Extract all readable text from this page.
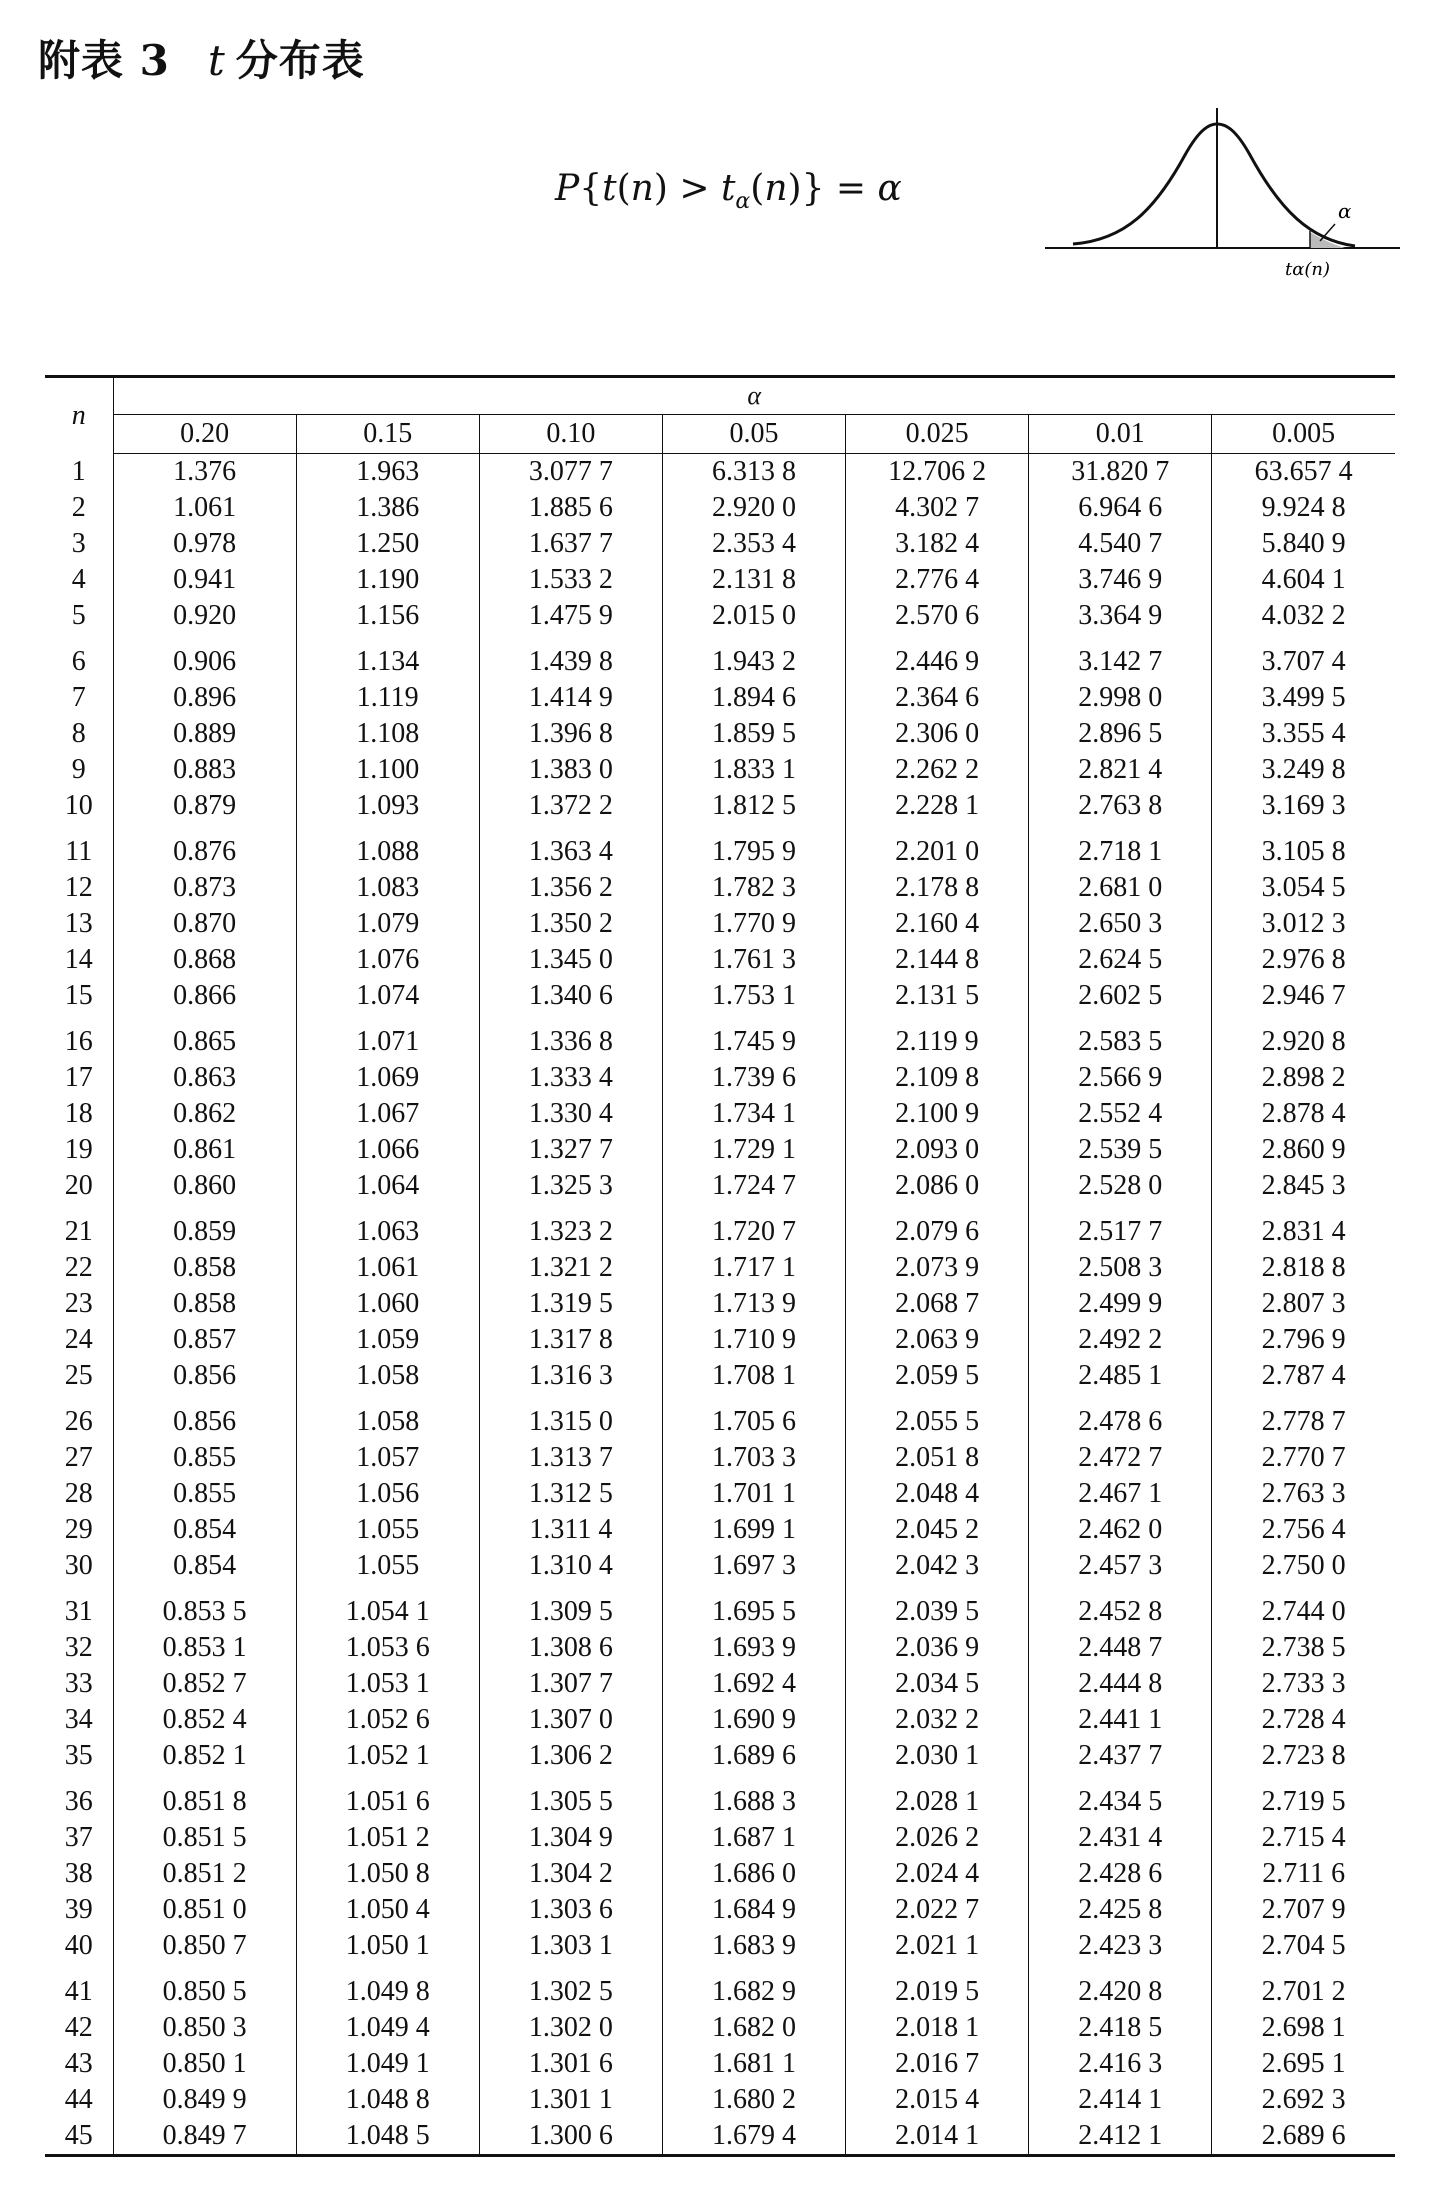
附表 3 t 分布表
$P\{t(n) > t_\alpha(n)\} = \alpha$
α
tα(n)
n	α						
	0.20	0.15	0.10	0.05	0.025	0.01	0.005
1	1.376	1.963	3.077 7	6.313 8	12.706 2	31.820 7	63.657 4
2	1.061	1.386	1.885 6	2.920 0	4.302 7	6.964 6	9.924 8
3	0.978	1.250	1.637 7	2.353 4	3.182 4	4.540 7	5.840 9
4	0.941	1.190	1.533 2	2.131 8	2.776 4	3.746 9	4.604 1
5	0.920	1.156	1.475 9	2.015 0	2.570 6	3.364 9	4.032 2
6	0.906	1.134	1.439 8	1.943 2	2.446 9	3.142 7	3.707 4
7	0.896	1.119	1.414 9	1.894 6	2.364 6	2.998 0	3.499 5
8	0.889	1.108	1.396 8	1.859 5	2.306 0	2.896 5	3.355 4
9	0.883	1.100	1.383 0	1.833 1	2.262 2	2.821 4	3.249 8
10	0.879	1.093	1.372 2	1.812 5	2.228 1	2.763 8	3.169 3
11	0.876	1.088	1.363 4	1.795 9	2.201 0	2.718 1	3.105 8
12	0.873	1.083	1.356 2	1.782 3	2.178 8	2.681 0	3.054 5
13	0.870	1.079	1.350 2	1.770 9	2.160 4	2.650 3	3.012 3
14	0.868	1.076	1.345 0	1.761 3	2.144 8	2.624 5	2.976 8
15	0.866	1.074	1.340 6	1.753 1	2.131 5	2.602 5	2.946 7
16	0.865	1.071	1.336 8	1.745 9	2.119 9	2.583 5	2.920 8
17	0.863	1.069	1.333 4	1.739 6	2.109 8	2.566 9	2.898 2
18	0.862	1.067	1.330 4	1.734 1	2.100 9	2.552 4	2.878 4
19	0.861	1.066	1.327 7	1.729 1	2.093 0	2.539 5	2.860 9
20	0.860	1.064	1.325 3	1.724 7	2.086 0	2.528 0	2.845 3
21	0.859	1.063	1.323 2	1.720 7	2.079 6	2.517 7	2.831 4
22	0.858	1.061	1.321 2	1.717 1	2.073 9	2.508 3	2.818 8
23	0.858	1.060	1.319 5	1.713 9	2.068 7	2.499 9	2.807 3
24	0.857	1.059	1.317 8	1.710 9	2.063 9	2.492 2	2.796 9
25	0.856	1.058	1.316 3	1.708 1	2.059 5	2.485 1	2.787 4
26	0.856	1.058	1.315 0	1.705 6	2.055 5	2.478 6	2.778 7
27	0.855	1.057	1.313 7	1.703 3	2.051 8	2.472 7	2.770 7
28	0.855	1.056	1.312 5	1.701 1	2.048 4	2.467 1	2.763 3
29	0.854	1.055	1.311 4	1.699 1	2.045 2	2.462 0	2.756 4
30	0.854	1.055	1.310 4	1.697 3	2.042 3	2.457 3	2.750 0
31	0.853 5	1.054 1	1.309 5	1.695 5	2.039 5	2.452 8	2.744 0
32	0.853 1	1.053 6	1.308 6	1.693 9	2.036 9	2.448 7	2.738 5
33	0.852 7	1.053 1	1.307 7	1.692 4	2.034 5	2.444 8	2.733 3
34	0.852 4	1.052 6	1.307 0	1.690 9	2.032 2	2.441 1	2.728 4
35	0.852 1	1.052 1	1.306 2	1.689 6	2.030 1	2.437 7	2.723 8
36	0.851 8	1.051 6	1.305 5	1.688 3	2.028 1	2.434 5	2.719 5
37	0.851 5	1.051 2	1.304 9	1.687 1	2.026 2	2.431 4	2.715 4
38	0.851 2	1.050 8	1.304 2	1.686 0	2.024 4	2.428 6	2.711 6
39	0.851 0	1.050 4	1.303 6	1.684 9	2.022 7	2.425 8	2.707 9
40	0.850 7	1.050 1	1.303 1	1.683 9	2.021 1	2.423 3	2.704 5
41	0.850 5	1.049 8	1.302 5	1.682 9	2.019 5	2.420 8	2.701 2
42	0.850 3	1.049 4	1.302 0	1.682 0	2.018 1	2.418 5	2.698 1
43	0.850 1	1.049 1	1.301 6	1.681 1	2.016 7	2.416 3	2.695 1
44	0.849 9	1.048 8	1.301 1	1.680 2	2.015 4	2.414 1	2.692 3
45	0.849 7	1.048 5	1.300 6	1.679 4	2.014 1	2.412 1	2.689 6
